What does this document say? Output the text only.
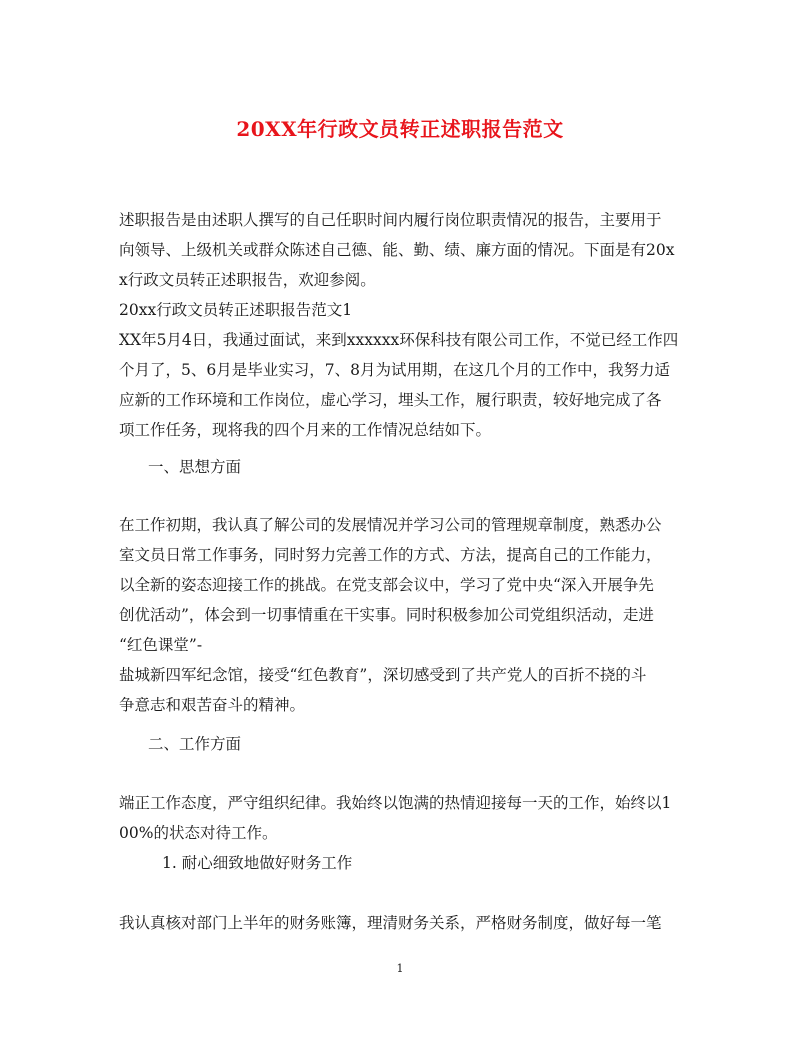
20XX年行政文员转正述职报告范文
述职报告是由述职人撰写的自己任职时间内履行岗位职责情况的报告，主要用于
向领导、上级机关或群众陈述自己德、能、勤、绩、廉方面的情况。下面是有20x
x行政文员转正述职报告，欢迎参阅。
20xx行政文员转正述职报告范文1
XX年5月4日，我通过面试，来到xxxxxx环保科技有限公司工作，不觉已经工作四
个月了，5、6月是毕业实习，7、8月为试用期，在这几个月的工作中，我努力适
应新的工作环境和工作岗位，虚心学习，埋头工作，履行职责，较好地完成了各
项工作任务，现将我的四个月来的工作情况总结如下。
一、思想方面
在工作初期，我认真了解公司的发展情况并学习公司的管理规章制度，熟悉办公
室文员日常工作事务，同时努力完善工作的方式、方法，提高自己的工作能力，
以全新的姿态迎接工作的挑战。在党支部会议中，学习了党中央“深入开展争先
创优活动”，体会到一切事情重在干实事。同时积极参加公司党组织活动，走进
“红色课堂”-
盐城新四军纪念馆，接受“红色教育”，深切感受到了共产党人的百折不挠的斗
争意志和艰苦奋斗的精神。
二、工作方面
端正工作态度，严守组织纪律。我始终以饱满的热情迎接每一天的工作，始终以1
00%的状态对待工作。
1. 耐心细致地做好财务工作
我认真核对部门上半年的财务账簿，理清财务关系，严格财务制度，做好每一笔
1
